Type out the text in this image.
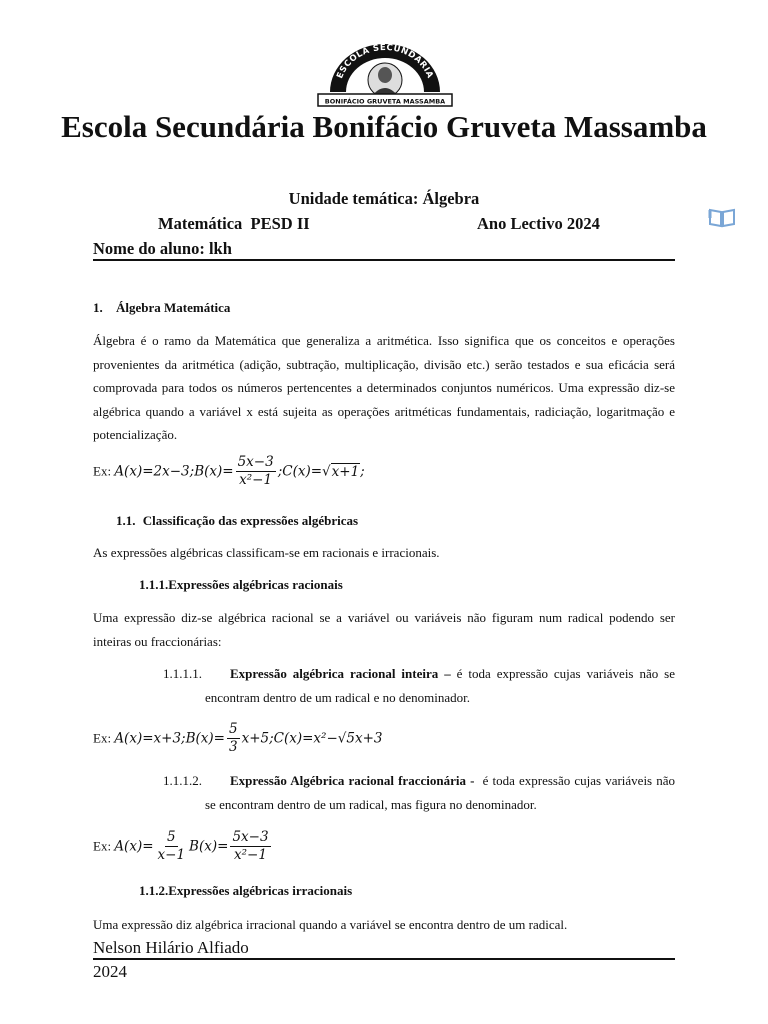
ESCOLA SECUNDÁRIA
BONIFÁCIO GRUVETA MASSAMBA
Escola Secundária Bonifácio Gruveta Massamba
Unidade temática: Álgebra
Matemática  PESD II	Ano Lectivo 2024
Nome do aluno: lkh
1. Álgebra Matemática
Álgebra é o ramo da Matemática que generaliza a aritmética. Isso significa que os conceitos e operações provenientes da aritmética (adição, subtração, multiplicação, divisão etc.) serão testados e sua eficácia será comprovada para todos os números pertencentes a determinados conjuntos numéricos. Uma expressão diz-se algébrica quando a variável x está sujeita as operações aritméticas fundamentais, radiciação, logaritmação e potencialização.
Ex: A(x)=2x−3;B(x)= $\frac{5x-3}{\text{x²−1}}$ ;C(x)=√x+1;
1.1. Classificação das expressões algébricas
As expressões algébricas classificam-se em racionais e irracionais.
1.1.1.Expressões algébricas racionais
Uma expressão diz-se algébrica racional se a variável ou variáveis não figuram num radical podendo ser inteiras ou fraccionárias:
1.1.1.1. Expressão algébrica racional inteira – é toda expressão cujas variáveis não se encontram dentro de um radical e no denominador.
Ex: A(x)=x+3;B(x)= $\frac{5}{3}$ x+5;C(x)=x²−√5x+3
1.1.1.2. Expressão Algébrica racional fraccionária -  é toda expressão cujas variáveis não se encontram dentro de um radical, mas figura no denominador.
Ex: $A(x)= \frac{5}{x-1} B(x)= \frac{5x-3}{\text{x²−1}}$
1.1.2.Expressões algébricas irracionais
Uma expressão diz algébrica irracional quando a variável se encontra dentro de um radical.
Nelson Hilário Alfiado
2024
